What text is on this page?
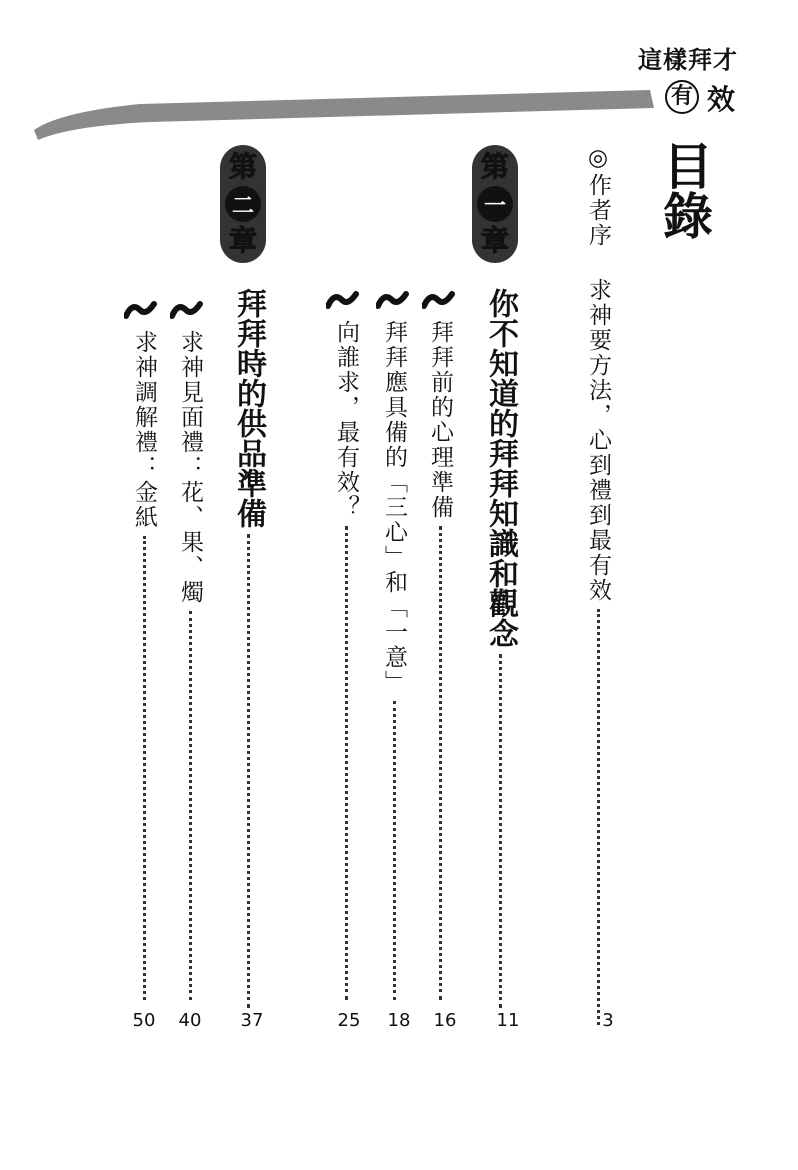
這樣拜才
有 效
目錄
◎作者序
求神要方法，心到禮到最有效
3
第
一
章
你不知道的拜拜知識和觀念
11
拜拜前的心理準備
16
拜拜應具備的「三心」和「一意」
18
向誰求，最有效？
25
第
二
章
拜拜時的供品準備
37
求神見面禮：花、果、燭
40
求神調解禮：金紙
50
